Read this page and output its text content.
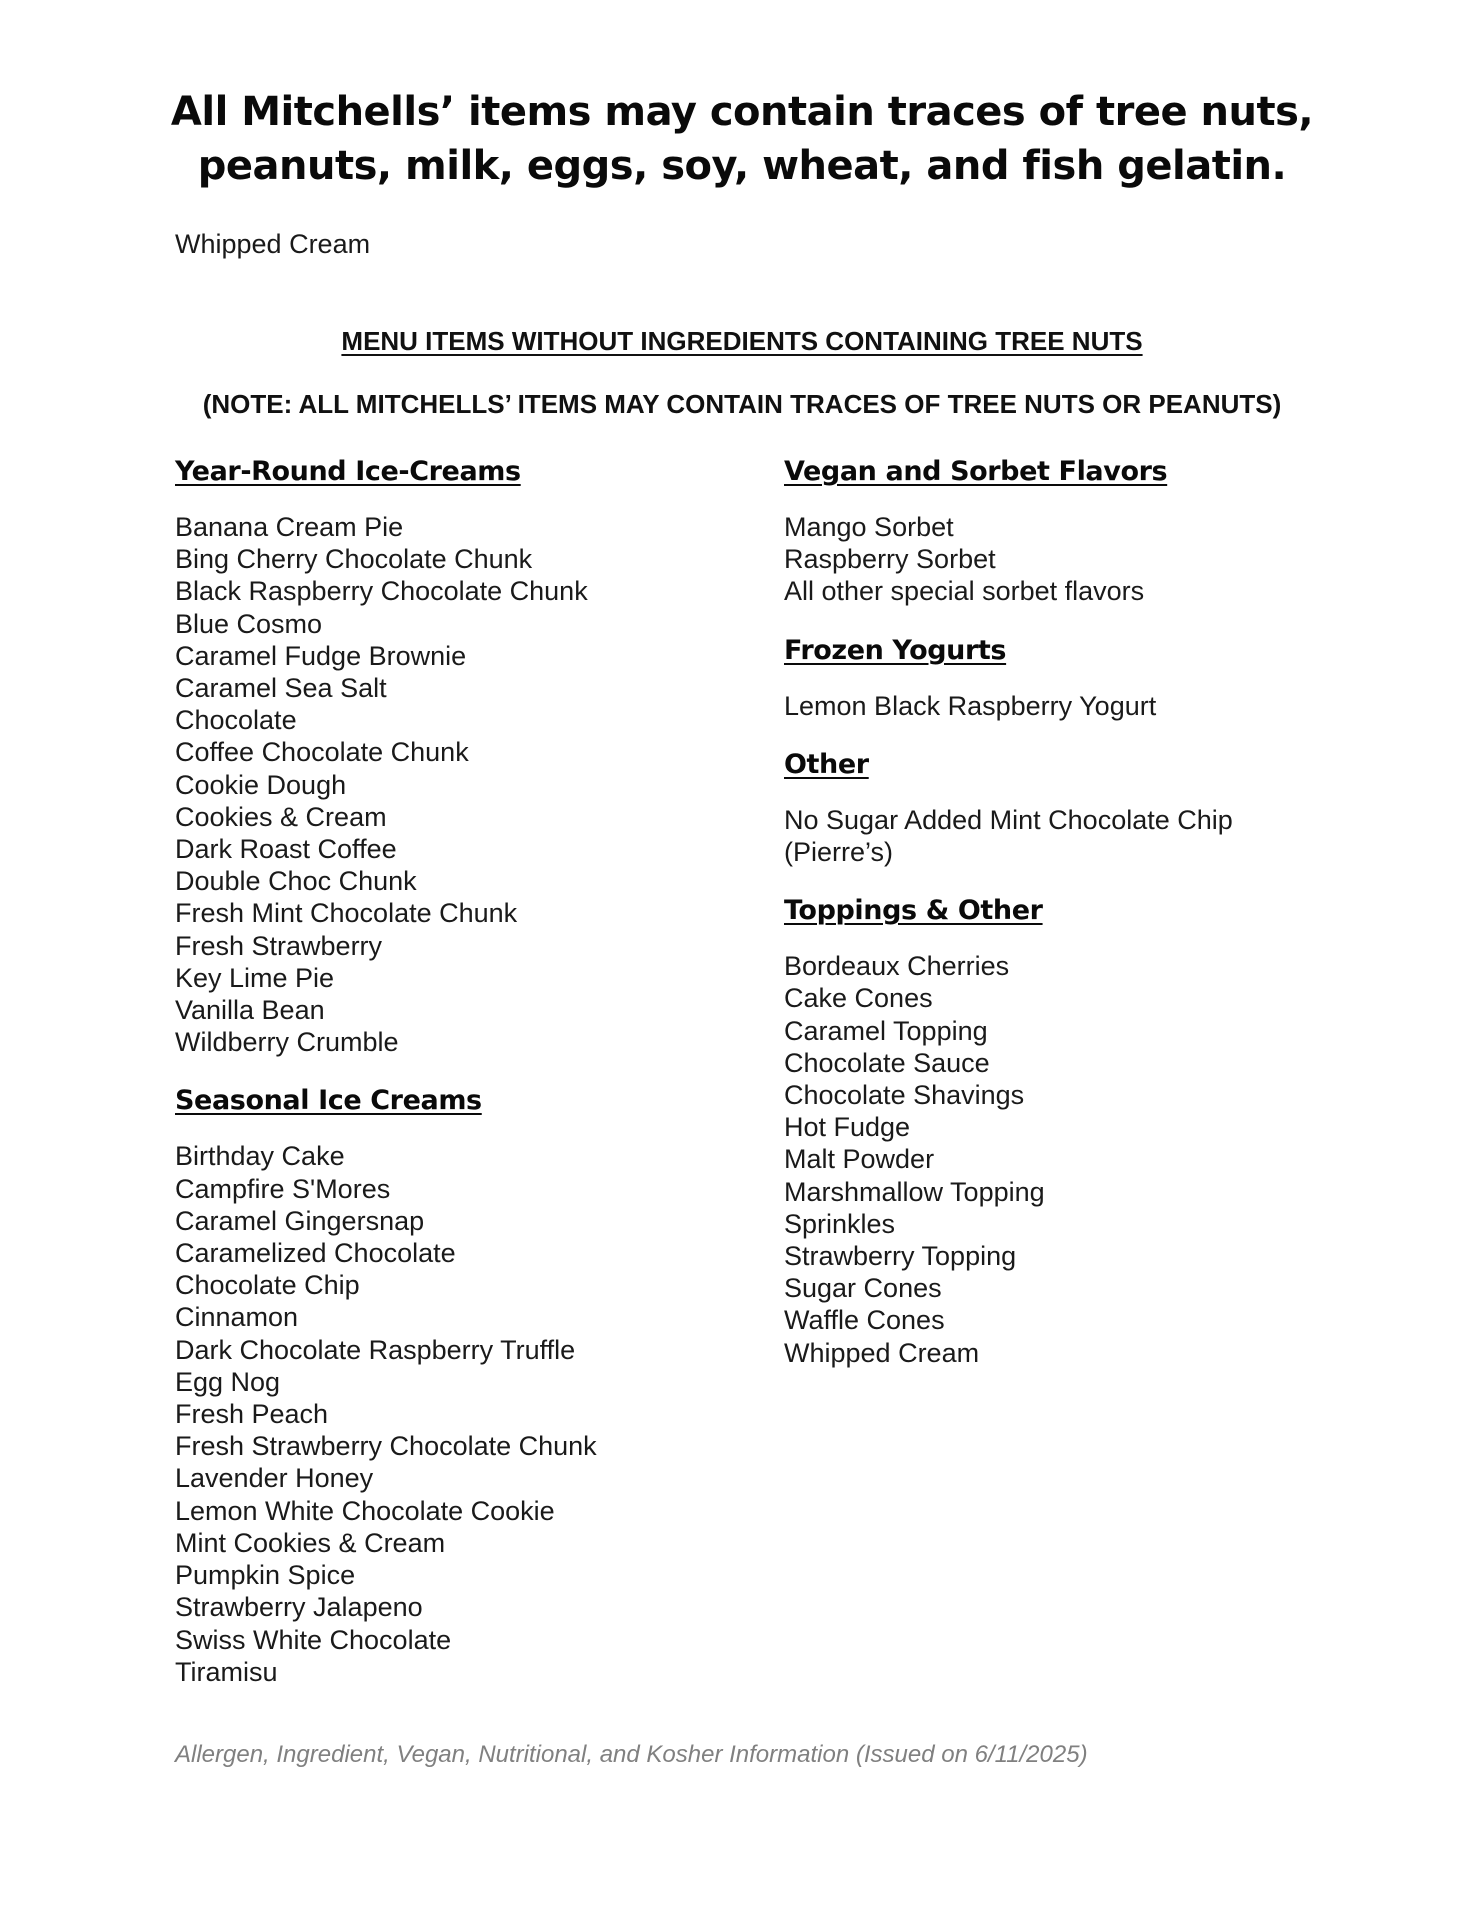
All Mitchells’ items may contain traces of tree nuts,
peanuts, milk, eggs, soy, wheat, and fish gelatin.
Whipped Cream
MENU ITEMS WITHOUT INGREDIENTS CONTAINING TREE NUTS
(NOTE: ALL MITCHELLS’ ITEMS MAY CONTAIN TRACES OF TREE NUTS OR PEANUTS)
Year-Round Ice-Creams
Banana Cream Pie
Bing Cherry Chocolate Chunk
Black Raspberry Chocolate Chunk
Blue Cosmo
Caramel Fudge Brownie
Caramel Sea Salt
Chocolate
Coffee Chocolate Chunk
Cookie Dough
Cookies & Cream
Dark Roast Coffee
Double Choc Chunk
Fresh Mint Chocolate Chunk
Fresh Strawberry
Key Lime Pie
Vanilla Bean
Wildberry Crumble
Seasonal Ice Creams
Birthday Cake
Campfire S'Mores
Caramel Gingersnap
Caramelized Chocolate
Chocolate Chip
Cinnamon
Dark Chocolate Raspberry Truffle
Egg Nog
Fresh Peach
Fresh Strawberry Chocolate Chunk
Lavender Honey
Lemon White Chocolate Cookie
Mint Cookies & Cream
Pumpkin Spice
Strawberry Jalapeno
Swiss White Chocolate
Tiramisu
Vegan and Sorbet Flavors
Mango Sorbet
Raspberry Sorbet
All other special sorbet flavors
Frozen Yogurts
Lemon Black Raspberry Yogurt
Other
No Sugar Added Mint Chocolate Chip
(Pierre’s)
Toppings & Other
Bordeaux Cherries
Cake Cones
Caramel Topping
Chocolate Sauce
Chocolate Shavings
Hot Fudge
Malt Powder
Marshmallow Topping
Sprinkles
Strawberry Topping
Sugar Cones
Waffle Cones
Whipped Cream
Allergen, Ingredient, Vegan, Nutritional, and Kosher Information (Issued on 6/11/2025)
